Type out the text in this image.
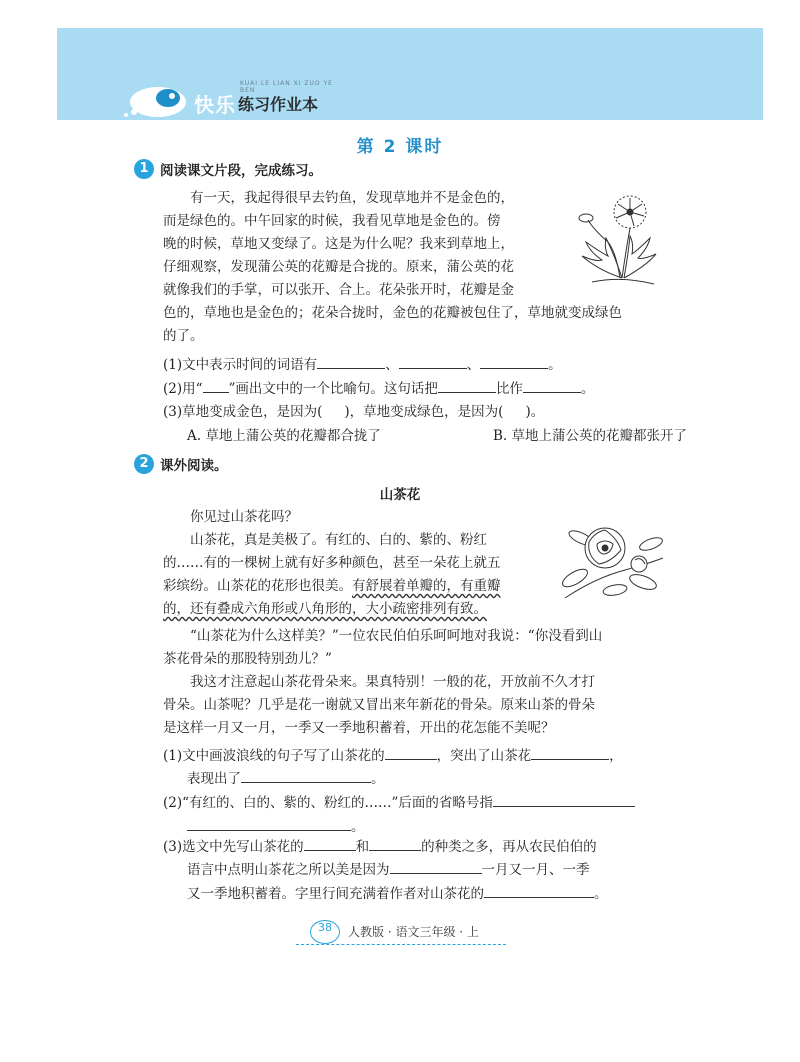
KUAI LE LIAN XI ZUO YE BEN
快乐 练习作业本
第 2 课时
1 阅读课文片段，完成练习。
有一天，我起得很早去钓鱼，发现草地并不是金色的，
而是绿色的。中午回家的时候，我看见草地是金色的。傍
晚的时候，草地又变绿了。这是为什么呢？我来到草地上，
仔细观察，发现蒲公英的花瓣是合拢的。原来，蒲公英的花
就像我们的手掌，可以张开、合上。花朵张开时，花瓣是金
色的，草地也是金色的；花朵合拢时，金色的花瓣被包住了，草地就变成绿色
的了。
(1)文中表示时间的词语有	、	、	。
(2)用“ ”画出文中的一个比喻句。这句话把	比作	。
(3)草地变成金色，是因为( )，草地变成绿色，是因为( )。
A. 草地上蒲公英的花瓣都合拢了	B. 草地上蒲公英的花瓣都张开了
2 课外阅读。
山茶花
你见过山茶花吗？
山茶花，真是美极了。有红的、白的、紫的、粉红
的……有的一棵树上就有好多种颜色，甚至一朵花上就五
彩缤纷。山茶花的花形也很美。有舒展着单瓣的，有重瓣
的，还有叠成六角形或八角形的，大小疏密排列有致。
“山茶花为什么这样美？”一位农民伯伯乐呵呵地对我说：“你没看到山
茶花骨朵的那股特别劲儿？”
我这才注意起山茶花骨朵来。果真特别！一般的花，开放前不久才打
骨朵。山茶呢？几乎是花一谢就又冒出来年新花的骨朵。原来山茶的骨朵
是这样一月又一月，一季又一季地积蓄着，开出的花怎能不美呢？
(1)文中画波浪线的句子写了山茶花的	，突出了山茶花	，
表现出了	。
(2)“有红的、白的、紫的、粉红的……”后面的省略号指
。
(3)选文中先写山茶花的	和	的种类之多，再从农民伯伯的
语言中点明山茶花之所以美是因为	一月又一月、一季
又一季地积蓄着。字里行间充满着作者对山茶花的	。
38	人教版 · 语文三年级 · 上
